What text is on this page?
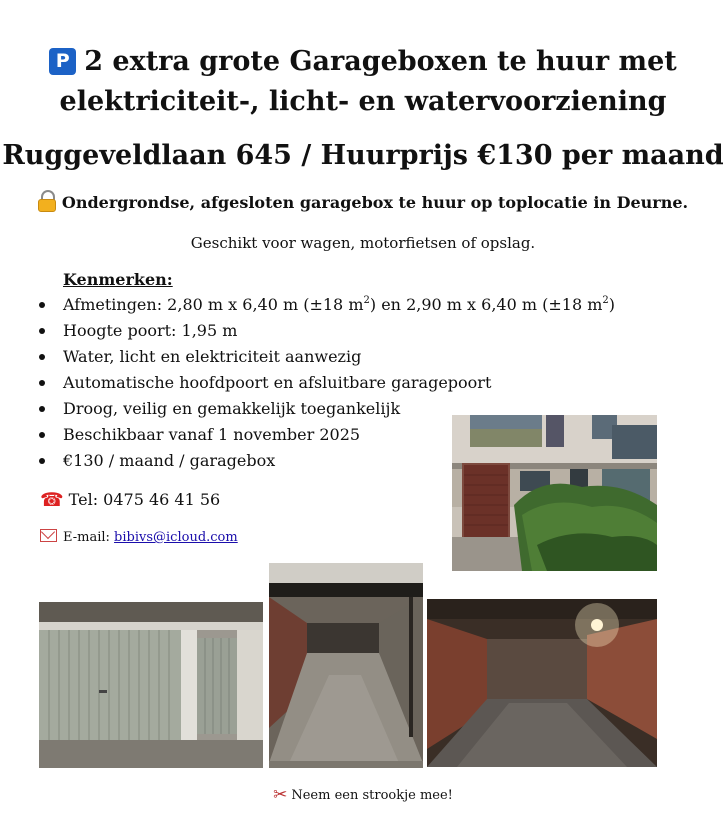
P 2 extra grote Garageboxen te huur met
elektriciteit-, licht- en watervoorziening
Ruggeveldlaan 645 / Huurprijs €130 per maand
Ondergrondse, afgesloten garagebox te huur op toplocatie in Deurne.
Geschikt voor wagen, motorfietsen of opslag.
Kenmerken:
Afmetingen: 2,80 m x 6,40 m (±18 $m^2$) en 2,90 m x 6,40 m (±18 $m^2$)
Hoogte poort: 1,95 m
Water, licht en elektriciteit aanwezig
Automatische hoofdpoort en afsluitbare garagepoort
Droog, veilig en gemakkelijk toegankelijk
Beschikbaar vanaf 1 november 2025
€130 / maand / garagebox
☎ Tel: 0475 46 41 56
E-mail: bibivs@icloud.com
✂ Neem een strookje mee!
